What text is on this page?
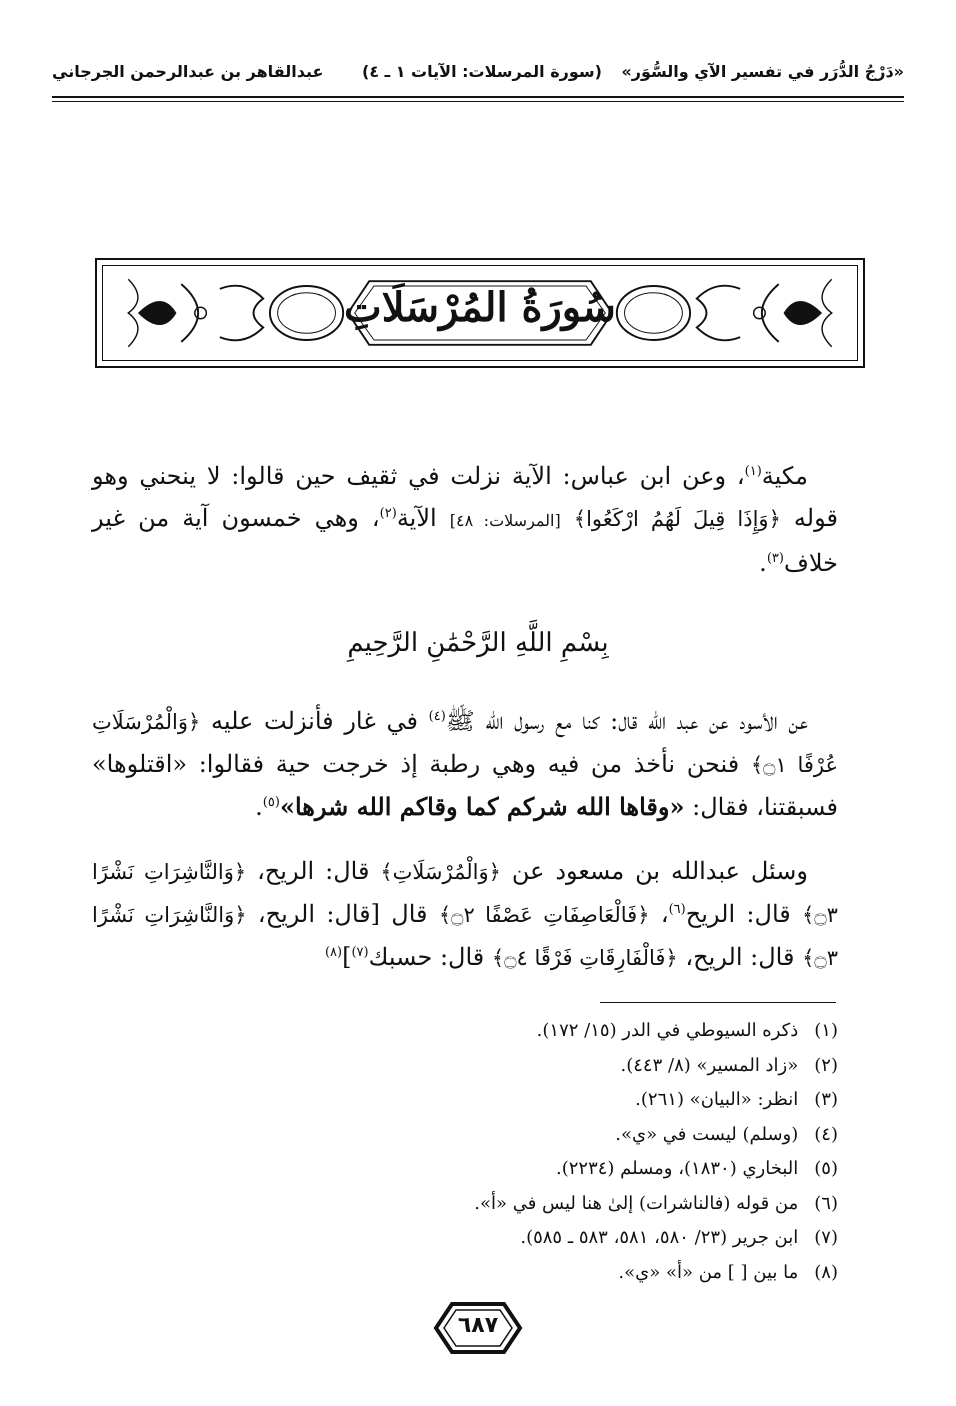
«دَرْجُ الدُّرَر في تفسير الآي والسُّوَر»
(سورة المرسلات: الآيات ١ ـ ٤)
عبدالقاهر بن عبدالرحمن الجرجاني
سُورَةُ المُرْسَلَاتِ
مكية$^{(١)}$، وعن ابن عباس: الآية نزلت في ثقيف حين قالوا: لا ينحني وهو قوله ﴿وَإِذَا قِيلَ لَهُمُ ارْكَعُوا﴾ [المرسلات: ٤٨] الآية$^{(٢)}$، وهي خمسون آية من غير خلاف$^{(٣)}$.
بِسْمِ اللَّهِ الرَّحْمَٰنِ الرَّحِيمِ
عن الأسود عن عبد الله قال: كنا مع رسول الله ﷺ$^{(٤)}$ في غار فأنزلت عليه ﴿وَالْمُرْسَلَاتِ عُرْفًا ۝١﴾ فنحن نأخذ من فيه وهي رطبة إذ خرجت حية فقالوا: «اقتلوها» فسبقتنا، فقال: «وقاها الله شركم كما وقاكم الله شرها»$^{(٥)}$.
وسئل عبدالله بن مسعود عن ﴿وَالْمُرْسَلَاتِ﴾ قال: الريح، ﴿وَالنَّاشِرَاتِ نَشْرًا ۝٣﴾ قال: الريح$^{(٦)}$، ﴿فَالْعَاصِفَاتِ عَصْفًا ۝٢﴾ قال [قال: الريح، ﴿وَالنَّاشِرَاتِ نَشْرًا ۝٣﴾ قال: الريح، ﴿فَالْفَارِقَاتِ فَرْقًا ۝٤﴾ قال: حسبك$^{(٧)}$]$^{(٨)}$
(١) ذكره السيوطي في الدر (١٥/ ١٧٢).
(٢) «زاد المسير» (٨/ ٤٤٣).
(٣) انظر: «البيان» (٢٦١).
(٤) (وسلم) ليست في «ي».
(٥) البخاري (١٨٣٠)، ومسلم (٢٢٣٤).
(٦) من قوله (فالناشرات) إلىٰ هنا ليس في «أ».
(٧) ابن جرير (٢٣/ ٥٨٠، ٥٨١، ٥٨٣ ـ ٥٨٥).
(٨) ما بين [ ] من «أ» «ي».
٦٨٧
